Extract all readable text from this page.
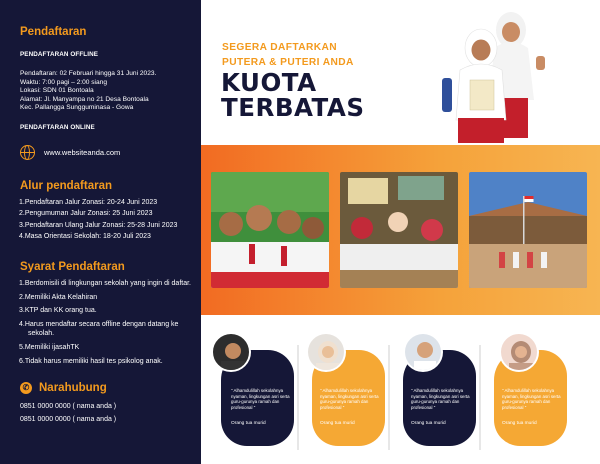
Pendaftaran
PENDAFTARAN OFFLINE
Pendaftaran: 02 Februari hingga 31 Juni 2023.
Waktu: 7:00 pagi – 2:00 siang
Lokasi: SDN 01 Bontoala
Alamat: Jl. Manyampa no 21 Desa Bontoala
Kec. Pallangga Sungguminasa - Gowa
PENDAFTARAN ONLINE
www.websiteanda.com
Alur pendaftaran
1.Pendaftaran Jalur Zonasi: 20-24 Juni 2023
2.Pengumuman Jalur Zonasi: 25 Juni 2023
3.Pendaftaran Ulang Jalur Zonasi: 25-28 Juni 2023
4.Masa Orientasi Sekolah: 18-20 Juli 2023
Syarat Pendaftaran
1.Berdomisili di lingkungan sekolah yang ingin di daftar.
2.Memiliki Akta Kelahiran
3.KTP dan KK orang tua.
4.Harus mendaftar secara offline dengan datang ke sekolah.
5.Memiliki ijasahTK
6.Tidak harus memiliki hasil tes psikolog anak.
✆ Narahubung
0851 0000 0000 ( nama anda )
0851 0000 0000 ( nama anda )
SEGERA DAFTARKAN
PUTERA & PUTERI ANDA
KUOTA
TERBATAS
" Alhamdulillah sekolahnya nyaman, lingkungan asri serta guru-gurunya ramah dan profesional "
Orang tua murid
" Alhamdulillah sekolahnya nyaman, lingkungan asri serta guru-gurunya ramah dan profesional "
Orang tua murid
" Alhamdulillah sekolahnya nyaman, lingkungan asri serta guru-gurunya ramah dan profesional "
Orang tua murid
" Alhamdulillah sekolahnya nyaman, lingkungan asri serta guru-gurunya ramah dan profesional "
Orang tua murid
